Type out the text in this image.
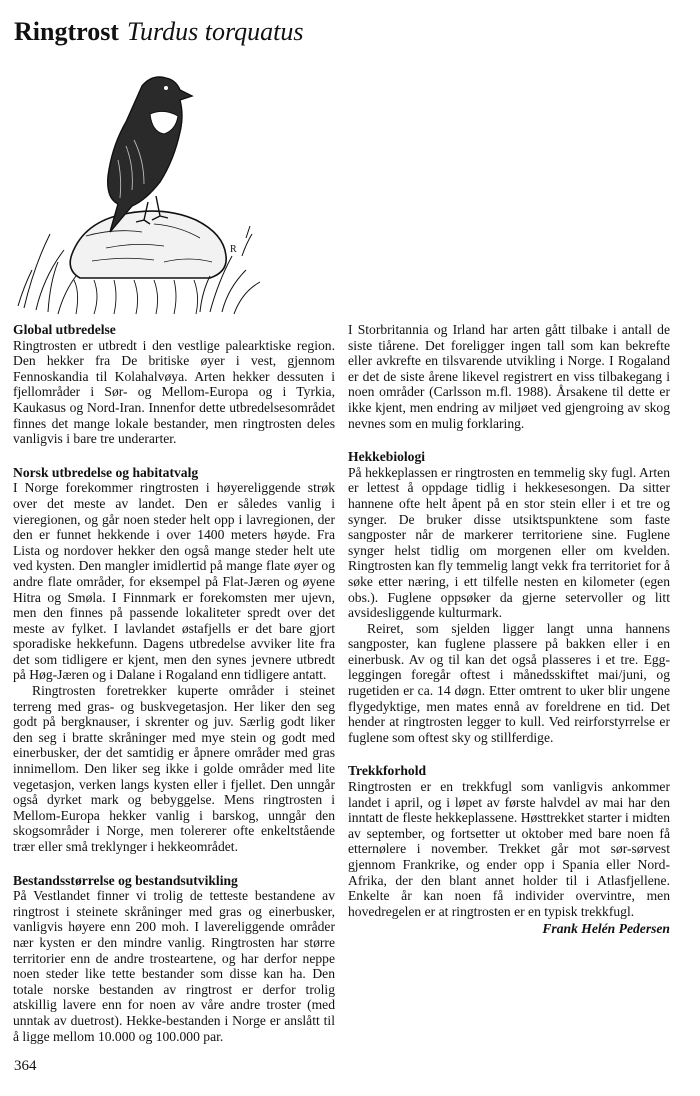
Ringtrost Turdus torquatus
R
Global utbredelse

Ringtrosten er utbredt i den vestlige palearktiske region. Den hekker fra De britiske øyer i vest, gjennom Fennoskandia til Kolahalvøya. Arten hekker dessuten i fjellområder i Sør- og Mellom-Europa og i Tyrkia, Kaukasus og Nord-Iran. Innenfor dette utbredelsesområdet finnes det mange lokale bestander, men ringtrosten deles vanligvis i bare tre underarter.

Norsk utbredelse og habitatvalg

I Norge forekommer ringtrosten i høyereliggende strøk over det meste av landet. Den er således vanlig i vieregionen, og går noen steder helt opp i lavregionen, der den er funnet hekkende i over 1400 meters høyde. Fra Lista og nordover hekker den også mange steder helt ute ved kysten. Den mangler imidlertid på mange flate øyer og andre flate områder, for eksempel på Flat-Jæren og øyene Hitra og Smøla. I Finnmark er forekomsten mer ujevn, men den finnes på passende lokaliteter spredt over det meste av fylket. I lavlandet østafjells er det bare gjort sporadiske hekkefunn. Dagens utbredelse avviker lite fra det som tidligere er kjent, men den synes jevnere utbredt på Høg-Jæren og i Dalane i Rogaland enn tidligere antatt.

Ringtrosten foretrekker kuperte områder i steinet terreng med gras- og buskvegetasjon. Her liker den seg godt på bergknauser, i skrenter og juv. Særlig godt liker den seg i bratte skråninger med mye stein og godt med einerbusker, der det samtidig er åpnere områder med gras innimellom. Den liker seg ikke i golde områder med lite vegetasjon, verken langs kysten eller i fjellet. Den unngår også dyrket mark og bebyggelse. Mens ringtrosten i Mellom-Europa hekker vanlig i barskog, unngår den skogsområder i Norge, men tolererer ofte enkeltstående trær eller små treklynger i hekkeområdet.

Bestandsstørrelse og bestandsutvikling

På Vestlandet finner vi trolig de tetteste bestandene av ringtrost i steinete skråninger med gras og einerbusker, vanligvis høyere enn 200 moh. I lavereliggende områder nær kysten er den mindre vanlig. Ringtrosten har større territorier enn de andre trosteartene, og har derfor neppe noen steder like tette bestander som disse kan ha. Den totale norske bestanden av ringtrost er derfor trolig atskillig lavere enn for noen av våre andre troster (med unntak av duetrost). Hekke-bestanden i Norge er anslått til å ligge mellom 10.000 og 100.000 par.

I Storbritannia og Irland har arten gått tilbake i antall de siste tiårene. Det foreligger ingen tall som kan bekrefte eller avkrefte en tilsvarende utvikling i Norge. I Rogaland er det de siste årene likevel registrert en viss tilbakegang i noen områder (Carlsson m.fl. 1988). Årsakene til dette er ikke kjent, men endring av miljøet ved gjengroing av skog nevnes som en mulig forklaring.

Hekkebiologi

På hekkeplassen er ringtrosten en temmelig sky fugl. Arten er lettest å oppdage tidlig i hekkesesongen. Da sitter hannene ofte helt åpent på en stor stein eller i et tre og synger. De bruker disse utsiktspunktene som faste sangposter når de markerer territoriene sine. Fuglene synger helst tidlig om morgenen eller om kvelden. Ringtrosten kan fly temmelig langt vekk fra territoriet for å søke etter næring, i ett tilfelle nesten en kilometer (egen obs.). Fuglene oppsøker da gjerne setervoller og litt avsidesliggende kulturmark.

Reiret, som sjelden ligger langt unna hannens sangposter, kan fuglene plassere på bakken eller i en einerbusk. Av og til kan det også plasseres i et tre. Egg-leggingen foregår oftest i månedsskiftet mai/juni, og rugetiden er ca. 14 døgn. Etter omtrent to uker blir ungene flygedyktige, men mates ennå av foreldrene en tid. Det hender at ringtrosten legger to kull. Ved reirforstyrrelse er fuglene som oftest sky og stillferdige.

Trekkforhold

Ringtrosten er en trekkfugl som vanligvis ankommer landet i april, og i løpet av første halvdel av mai har den inntatt de fleste hekkeplassene. Høsttrekket starter i midten av september, og fortsetter ut oktober med bare noen få etternølere i november. Trekket går mot sør-sørvest gjennom Frankrike, og ender opp i Spania eller Nord-Afrika, der den blant annet holder til i Atlasfjellene. Enkelte år kan noen få individer overvintre, men hovedregelen er at ringtrosten er en typisk trekkfugl.

Frank Helén Pedersen
364
